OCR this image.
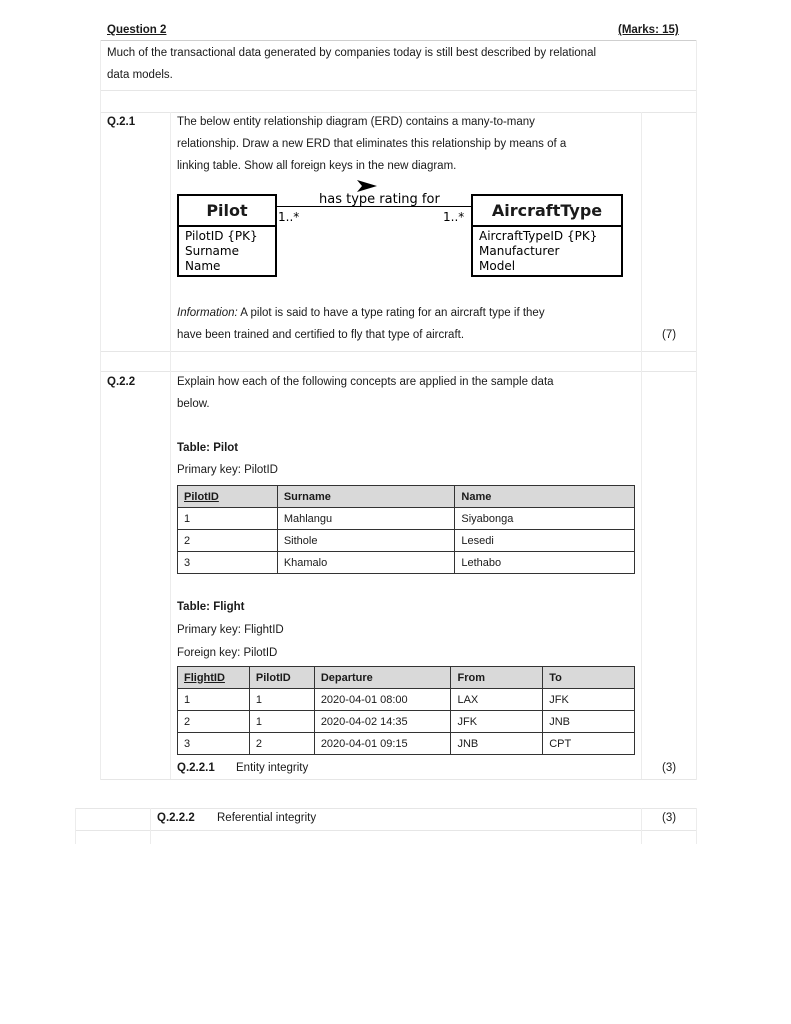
Question 2	(Marks: 15)
Much of the transactional data generated by companies today is still best described by relational
data models.
Q.2.1	The below entity relationship diagram (ERD) contains a many-to-many
relationship. Draw a new ERD that eliminates this relationship by means of a
linking table. Show all foreign keys in the new diagram.
has type rating for
1..*	1..*
Pilot
PilotID {PK}
Surname
Name
AircraftType
AircraftTypeID {PK}
Manufacturer
Model
Information: A pilot is said to have a type rating for an aircraft type if they
have been trained and certified to fly that type of aircraft.	(7)
Q.2.2	Explain how each of the following concepts are applied in the sample data
below.
Table: Pilot
Primary key: PilotID
PilotID	Surname	Name
1	Mahlangu	Siyabonga
2	Sithole	Lesedi
3	Khamalo	Lethabo
Table: Flight
Primary key: FlightID
Foreign key: PilotID
FlightID	PilotID	Departure	From	To
1	1	2020-04-01 08:00	LAX	JFK
2	1	2020-04-02 14:35	JFK	JNB
3	2	2020-04-01 09:15	JNB	CPT
Q.2.2.1 Entity integrity	(3)
Q.2.2.2 Referential integrity	(3)
